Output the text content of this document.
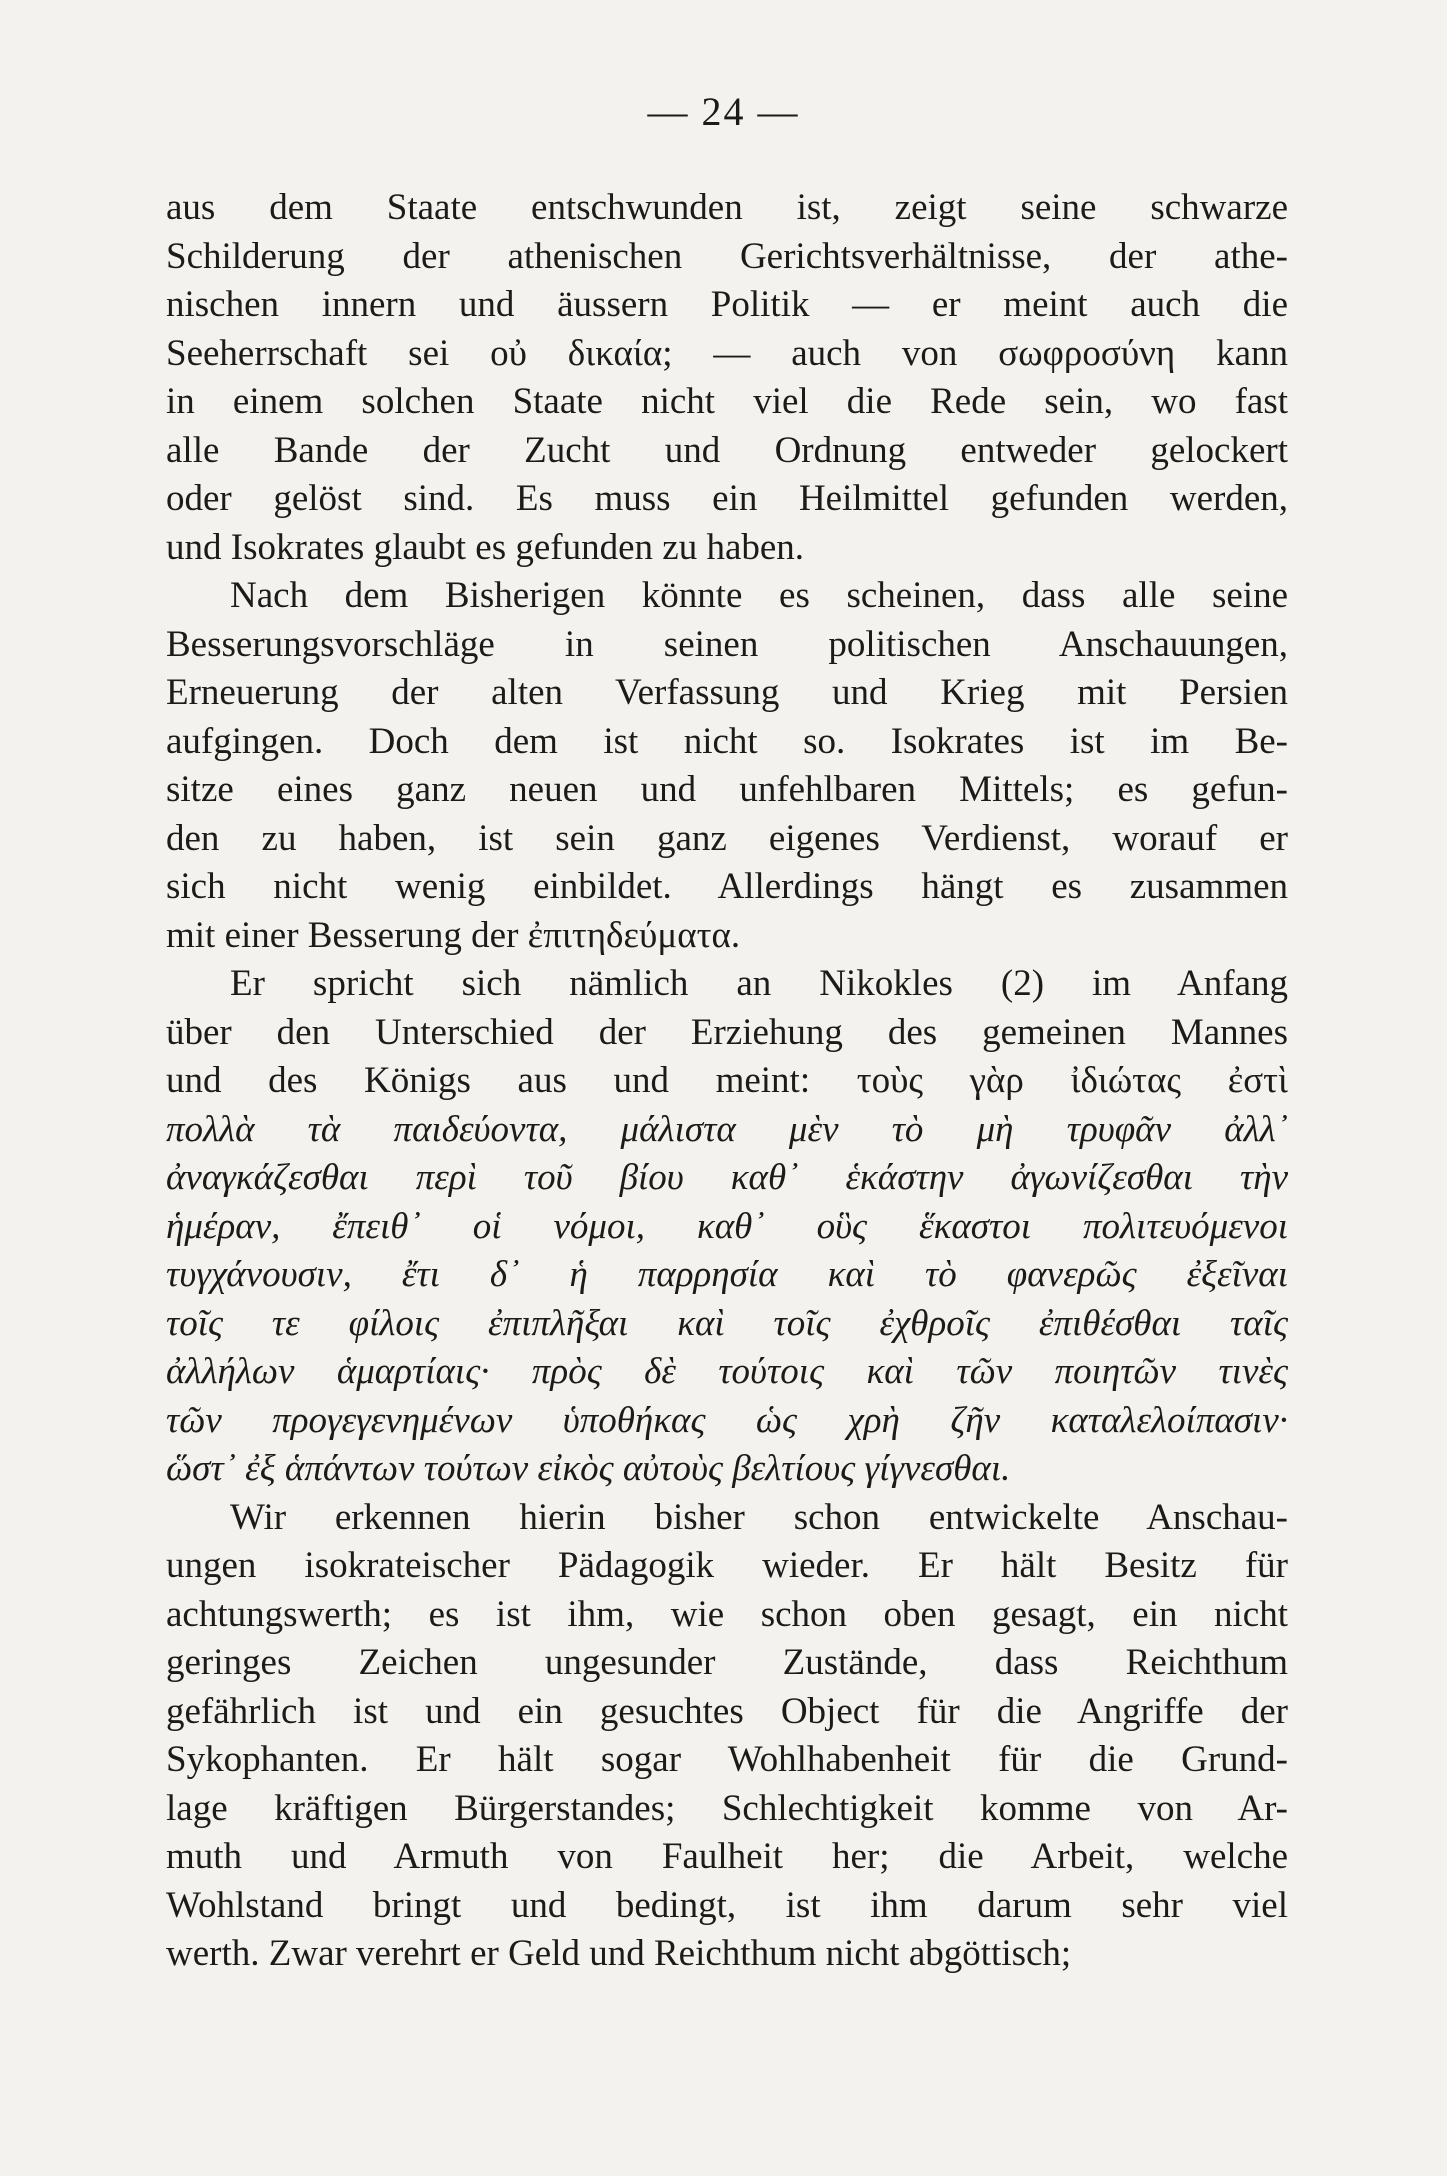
— 24 —
aus dem Staate entschwunden ist, zeigt seine schwarze
Schilderung der athenischen Gerichtsverhältnisse, der athe-
nischen innern und äussern Politik — er meint auch die
Seeherrschaft sei οὐ δικαία; — auch von σωφροσύνη kann
in einem solchen Staate nicht viel die Rede sein, wo fast
alle Bande der Zucht und Ordnung entweder gelockert
oder gelöst sind. Es muss ein Heilmittel gefunden werden,
und Isokrates glaubt es gefunden zu haben.
Nach dem Bisherigen könnte es scheinen, dass alle seine
Besserungsvorschläge in seinen politischen Anschauungen,
Erneuerung der alten Verfassung und Krieg mit Persien
aufgingen. Doch dem ist nicht so. Isokrates ist im Be-
sitze eines ganz neuen und unfehlbaren Mittels; es gefun-
den zu haben, ist sein ganz eigenes Verdienst, worauf er
sich nicht wenig einbildet. Allerdings hängt es zusammen
mit einer Besserung der ἐπιτηδεύματα.
Er spricht sich nämlich an Nikokles (2) im Anfang
über den Unterschied der Erziehung des gemeinen Mannes
und des Königs aus und meint: τοὺς γὰρ ἰδιώτας ἐστὶ
πολλὰ τὰ παιδεύοντα, μάλιστα μὲν τὸ μὴ τρυφᾶν ἀλλ᾽
ἀναγκάζεσθαι περὶ τοῦ βίου καθ᾽ ἑκάστην ἀγωνίζεσθαι τὴν
ἡμέραν, ἔπειθ᾽ οἱ νόμοι, καθ᾽ οὓς ἕκαστοι πολιτευόμενοι
τυγχάνουσιν, ἔτι δ᾽ ἡ παρρησία καὶ τὸ φανερῶς ἐξεῖναι
τοῖς τε φίλοις ἐπιπλῆξαι καὶ τοῖς ἐχθροῖς ἐπιθέσθαι ταῖς
ἀλλήλων ἁμαρτίαις· πρὸς δὲ τούτοις καὶ τῶν ποιητῶν τινὲς
τῶν προγεγενημένων ὑποθήκας ὡς χρὴ ζῆν καταλελοίπασιν·
ὥστ᾽ ἐξ ἁπάντων τούτων εἰκὸς αὐτοὺς βελτίους γίγνεσθαι.
Wir erkennen hierin bisher schon entwickelte Anschau-
ungen isokrateischer Pädagogik wieder. Er hält Besitz für
achtungswerth; es ist ihm, wie schon oben gesagt, ein nicht
geringes Zeichen ungesunder Zustände, dass Reichthum
gefährlich ist und ein gesuchtes Object für die Angriffe der
Sykophanten. Er hält sogar Wohlhabenheit für die Grund-
lage kräftigen Bürgerstandes; Schlechtigkeit komme von Ar-
muth und Armuth von Faulheit her; die Arbeit, welche
Wohlstand bringt und bedingt, ist ihm darum sehr viel
werth. Zwar verehrt er Geld und Reichthum nicht abgöttisch;
